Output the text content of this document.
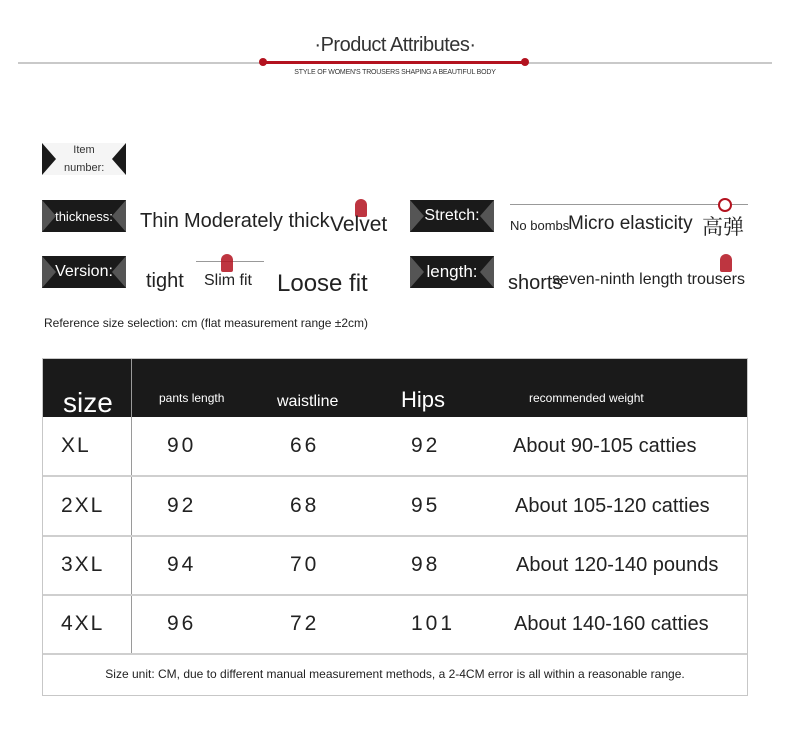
·Product Attributes·
STYLE OF WOMEN'S TROUSERS SHAPING A BEAUTIFUL BODY
Item number:
thickness: Thin Moderately thick Velvet Stretch:
No bombs
Micro elasticity 高弹
Version: tight Slim fit Loose fit	length:
shorts
seven-ninth length trousers
Reference size selection: cm (flat measurement range ±2cm)
size	pants length	waistline	Hips	recommended weight
XL	90	66	92	About 90-105 catties
2XL	92	68	95	About 105-120 catties
3XL	94	70	98	About 120-140 pounds
4XL	96	72	101	About 140-160 catties
Size unit: CM, due to different manual measurement methods, a 2-4CM error is all within a reasonable range.
